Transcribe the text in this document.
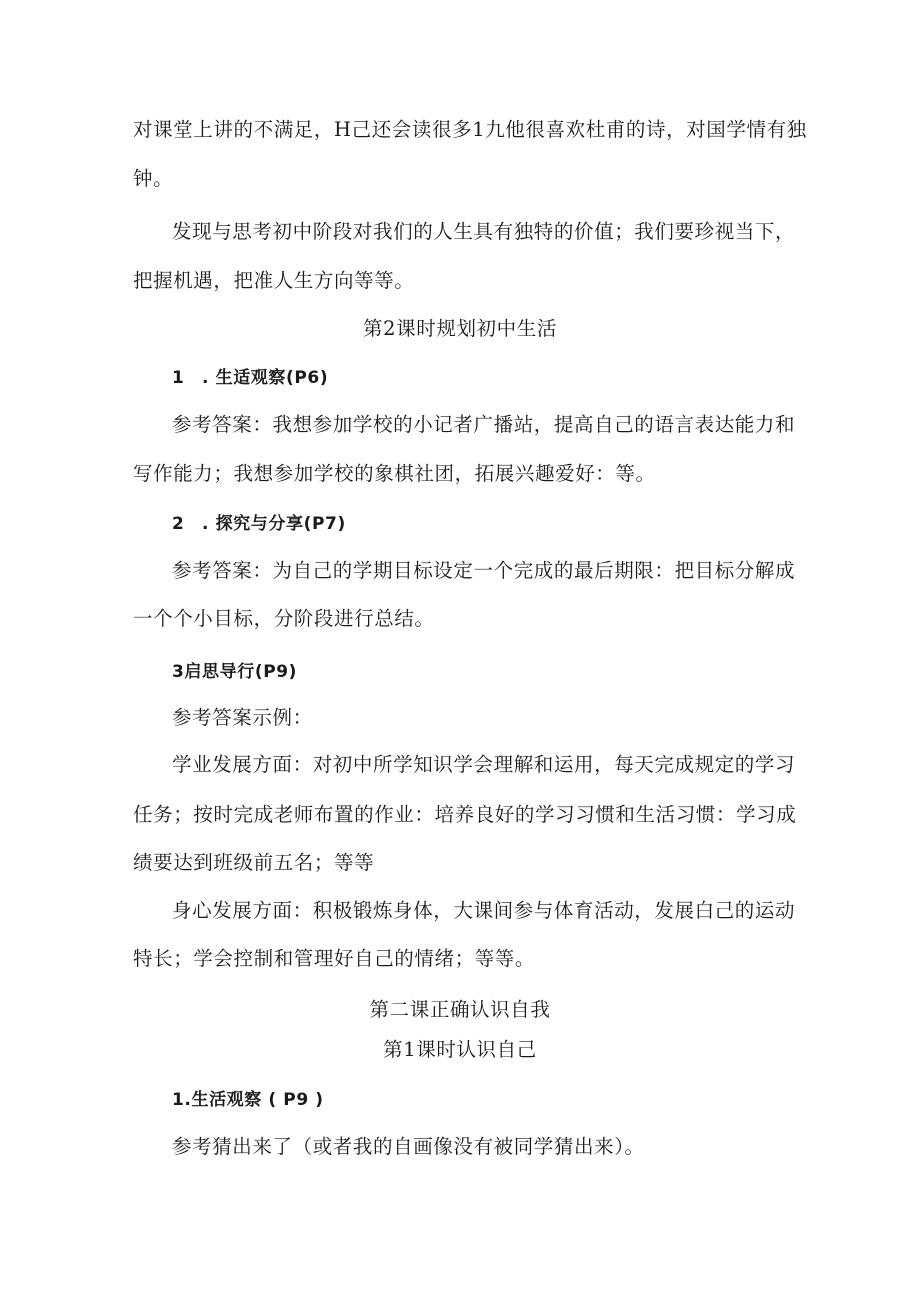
对课堂上讲的不满足，H己还会读很多1九他很喜欢杜甫的诗，对国学情有独
钟。
发现与思考初中阶段对我们的人生具有独特的价值；我们要珍视当下，
把握机遇，把准人生方向等等。
第2课时规划初中生活
1　. 生适观察(P6)
参考答案：我想参加学校的小记者广播站，提高自己的语言表达能力和
写作能力；我想参加学校的象棋社团，拓展兴趣爱好：等。
2　. 探究与分享(P7)
参考答案：为自己的学期目标设定一个完成的最后期限：把目标分解成
一个个小目标，分阶段进行总结。
3启思导行(P9)
参考答案示例：
学业发展方面：对初中所学知识学会理解和运用，每天完成规定的学习
任务；按时完成老师布置的作业：培养良好的学习习惯和生活习惯：学习成
绩要达到班级前五名；等等
身心发展方面：积极锻炼身体，大课间参与体育活动，发展白己的运动
特长；学会控制和管理好自己的情绪；等等。
第二课正确认识自我
第1课时认识自己
1.生活观察 ( P9 )
参考猜出来了（或者我的自画像没有被同学猜出来）。
